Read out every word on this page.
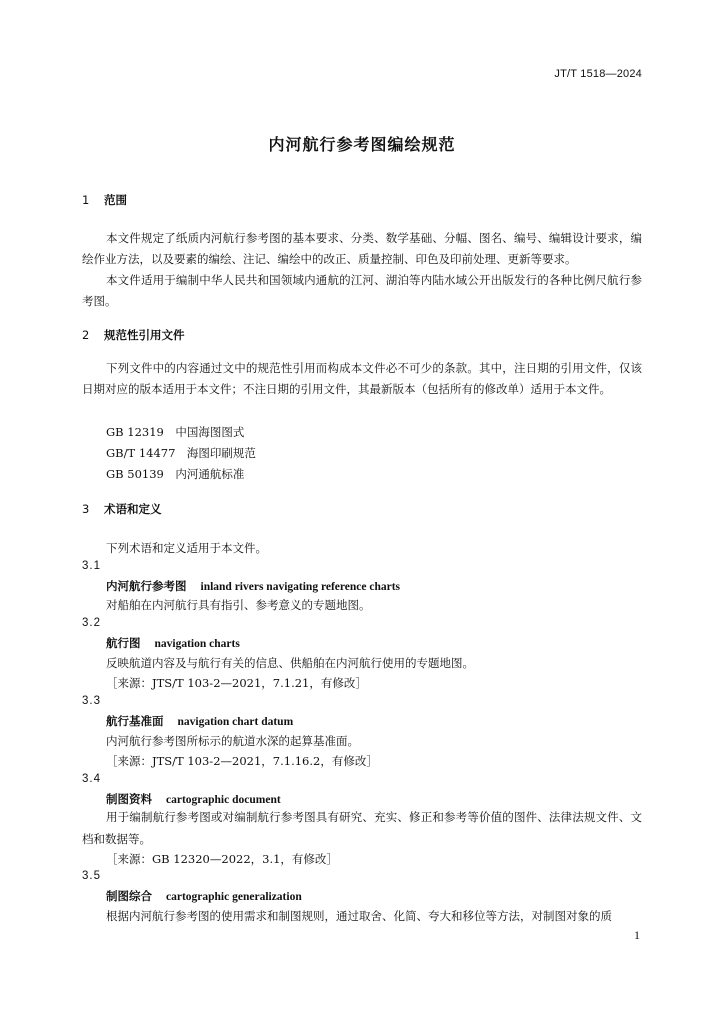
JT/T 1518—2024
内河航行参考图编绘规范
1 范围
本文件规定了纸质内河航行参考图的基本要求、分类、数学基础、分幅、图名、编号、编辑设计要求，编绘作业方法，以及要素的编绘、注记、编绘中的改正、质量控制、印色及印前处理、更新等要求。
本文件适用于编制中华人民共和国领域内通航的江河、湖泊等内陆水域公开出版发行的各种比例尺航行参考图。
2 规范性引用文件
下列文件中的内容通过文中的规范性引用而构成本文件必不可少的条款。其中，注日期的引用文件，仅该日期对应的版本适用于本文件；不注日期的引用文件，其最新版本（包括所有的修改单）适用于本文件。
GB 12319　中国海图图式
GB/T 14477　海图印刷规范
GB 50139　内河通航标准
3 术语和定义
下列术语和定义适用于本文件。
3.1
内河航行参考图 inland rivers navigating reference charts
对船舶在内河航行具有指引、参考意义的专题地图。
3.2
航行图 navigation charts
反映航道内容及与航行有关的信息、供船舶在内河航行使用的专题地图。
［来源：JTS/T 103-2—2021，7.1.21，有修改］
3.3
航行基准面 navigation chart datum
内河航行参考图所标示的航道水深的起算基准面。
［来源：JTS/T 103-2—2021，7.1.16.2，有修改］
3.4
制图资料 cartographic document
用于编制航行参考图或对编制航行参考图具有研究、充实、修正和参考等价值的图件、法律法规文件、文档和数据等。
［来源：GB 12320—2022，3.1，有修改］
3.5
制图综合 cartographic generalization
根据内河航行参考图的使用需求和制图规则，通过取舍、化简、夸大和移位等方法，对制图对象的质
1
